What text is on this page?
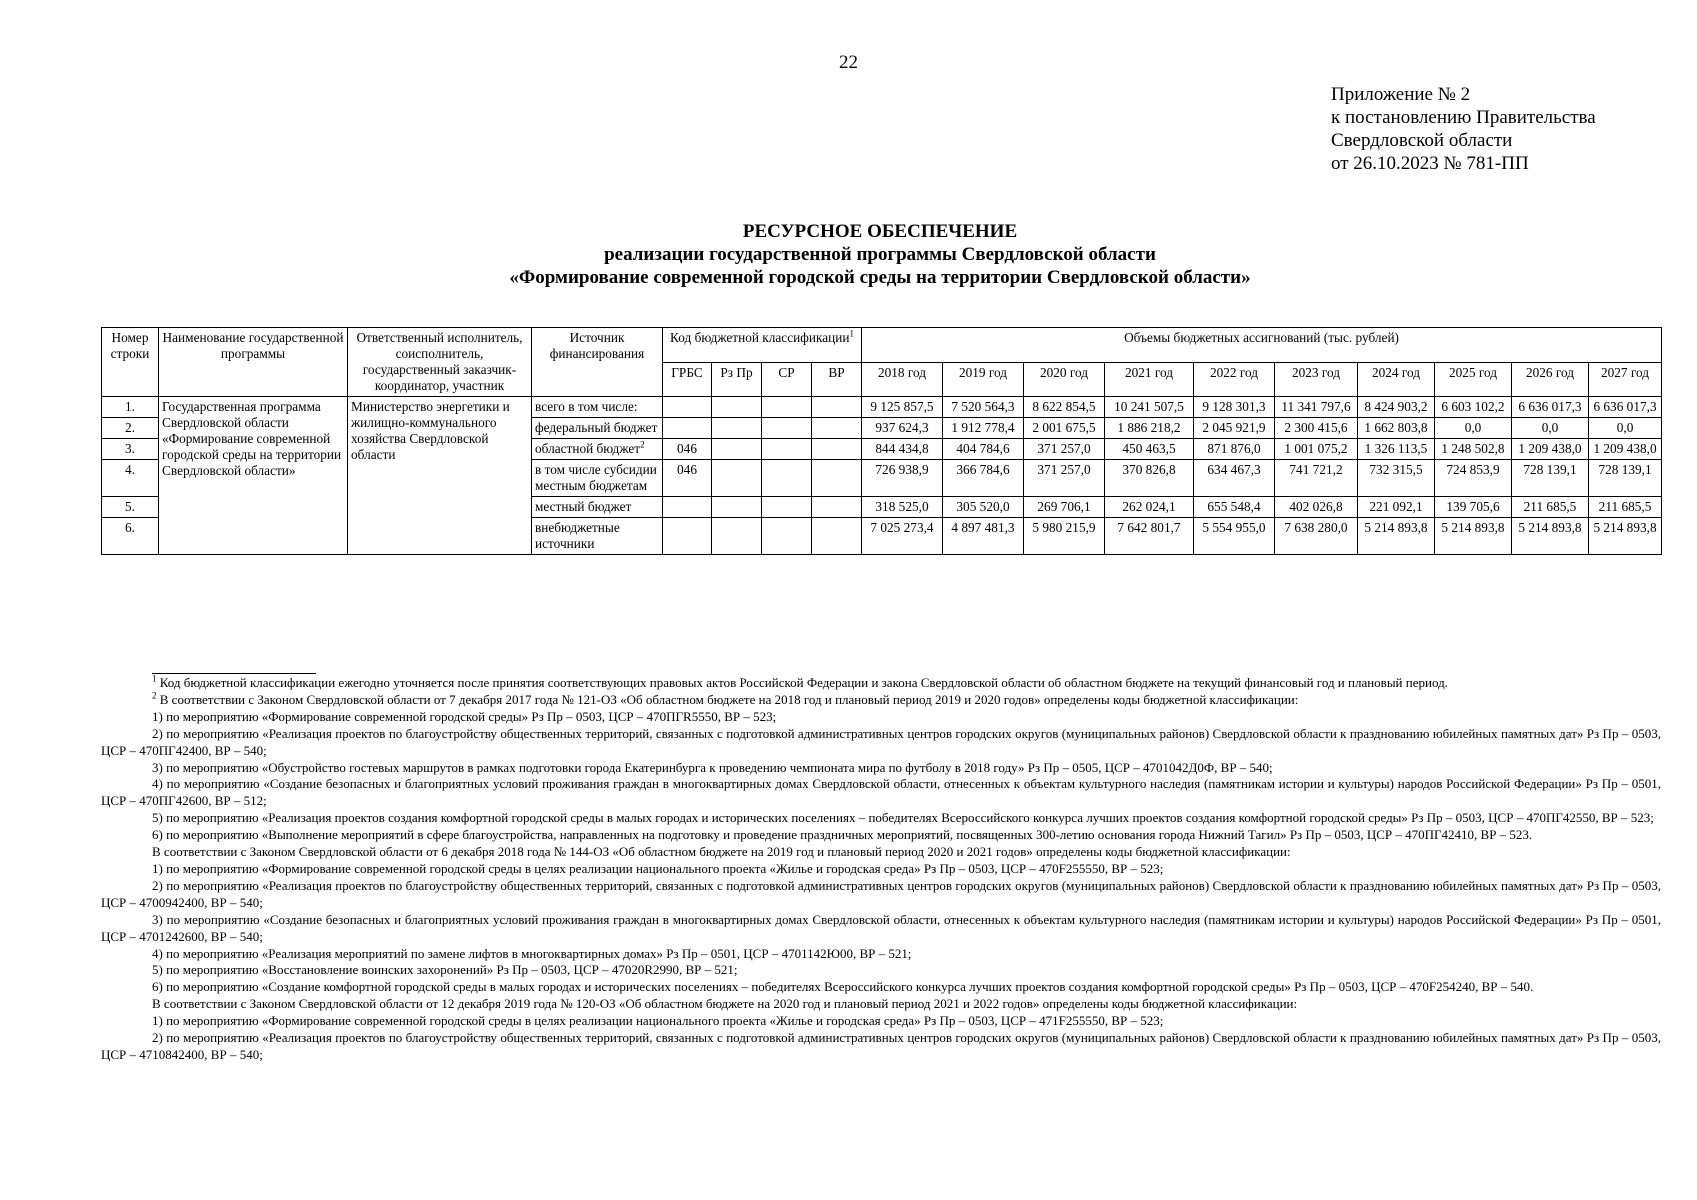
22
Приложение № 2
к постановлению Правительства
Свердловской области
от 26.10.2023 № 781-ПП
РЕСУРСНОЕ ОБЕСПЕЧЕНИЕ
реализации государственной программы Свердловской области
«Формирование современной городской среды на территории Свердловской области»
Номер строки	Наименование государственной программы	Ответственный исполнитель, соисполнитель, государственный заказчик-координатор, участник	Источник финансирования	Код бюджетной классификации$^1$				Объемы бюджетных ассигнований (тыс. рублей)									
				ГРБС	Рз Пр	СР	ВР	2018 год	2019 год	2020 год	2021 год	2022 год	2023 год	2024 год	2025 год	2026 год	2027 год
1.	Государственная программа Свердловской области «Формирование современной городской среды на территории Свердловской области»	Министерство энергетики и жилищно-коммунального хозяйства Свердловской области	всего в том числе:					9 125 857,5	7 520 564,3	8 622 854,5	10 241 507,5	9 128 301,3	11 341 797,6	8 424 903,2	6 603 102,2	6 636 017,3	6 636 017,3
2.			федеральный бюджет					937 624,3	1 912 778,4	2 001 675,5	1 886 218,2	2 045 921,9	2 300 415,6	1 662 803,8	0,0	0,0	0,0
3.			областной бюджет$^2$	046				844 434,8	404 784,6	371 257,0	450 463,5	871 876,0	1 001 075,2	1 326 113,5	1 248 502,8	1 209 438,0	1 209 438,0
4.			в том числе субсидии местным бюджетам	046				726 938,9	366 784,6	371 257,0	370 826,8	634 467,3	741 721,2	732 315,5	724 853,9	728 139,1	728 139,1
5.			местный бюджет					318 525,0	305 520,0	269 706,1	262 024,1	655 548,4	402 026,8	221 092,1	139 705,6	211 685,5	211 685,5
6.			внебюджетные источники					7 025 273,4	4 897 481,3	5 980 215,9	7 642 801,7	5 554 955,0	7 638 280,0	5 214 893,8	5 214 893,8	5 214 893,8	5 214 893,8

$^1$ Код бюджетной классификации ежегодно уточняется после принятия соответствующих правовых актов Российской Федерации и закона Свердловской области об областном бюджете на текущий финансовый год и плановый период.

$^2$ В соответствии с Законом Свердловской области от 7 декабря 2017 года № 121-ОЗ «Об областном бюджете на 2018 год и плановый период 2019 и 2020 годов» определены коды бюджетной классификации:

1) по мероприятию «Формирование современной городской среды» Рз Пр – 0503, ЦСР – 470ПГR5550, ВР – 523;

2) по мероприятию «Реализация проектов по благоустройству общественных территорий, связанных с подготовкой административных центров городских округов (муниципальных районов) Свердловской области к празднованию юбилейных памятных дат» Рз Пр – 0503, ЦСР – 470ПГ42400, ВР – 540;

3) по мероприятию «Обустройство гостевых маршрутов в рамках подготовки города Екатеринбурга к проведению чемпионата мира по футболу в 2018 году» Рз Пр – 0505, ЦСР – 4701042Д0Ф, ВР – 540;

4) по мероприятию «Создание безопасных и благоприятных условий проживания граждан в многоквартирных домах Свердловской области, отнесенных к объектам культурного наследия (памятникам истории и культуры) народов Российской Федерации» Рз Пр – 0501, ЦСР – 470ПГ42600, ВР – 512;

5) по мероприятию «Реализация проектов создания комфортной городской среды в малых городах и исторических поселениях – победителях Всероссийского конкурса лучших проектов создания комфортной городской среды» Рз Пр – 0503, ЦСР – 470ПГ42550, ВР – 523;

6) по мероприятию «Выполнение мероприятий в сфере благоустройства, направленных на подготовку и проведение праздничных мероприятий, посвященных 300-летию основания города Нижний Тагил» Рз Пр – 0503, ЦСР – 470ПГ42410, ВР – 523.

В соответствии с Законом Свердловской области от 6 декабря 2018 года № 144-ОЗ «Об областном бюджете на 2019 год и плановый период 2020 и 2021 годов» определены коды бюджетной классификации:

1) по мероприятию «Формирование современной городской среды в целях реализации национального проекта «Жилье и городская среда» Рз Пр – 0503, ЦСР – 470F255550, ВР – 523;

2) по мероприятию «Реализация проектов по благоустройству общественных территорий, связанных с подготовкой административных центров городских округов (муниципальных районов) Свердловской области к празднованию юбилейных памятных дат» Рз Пр – 0503, ЦСР – 4700942400, ВР – 540;

3) по мероприятию «Создание безопасных и благоприятных условий проживания граждан в многоквартирных домах Свердловской области, отнесенных к объектам культурного наследия (памятникам истории и культуры) народов Российской Федерации» Рз Пр – 0501, ЦСР – 4701242600, ВР – 540;

4) по мероприятию «Реализация мероприятий по замене лифтов в многоквартирных домах» Рз Пр – 0501, ЦСР – 4701142Ю00, ВР – 521;

5) по мероприятию «Восстановление воинских захоронений» Рз Пр – 0503, ЦСР – 47020R2990, ВР – 521;

6) по мероприятию «Создание комфортной городской среды в малых городах и исторических поселениях – победителях Всероссийского конкурса лучших проектов создания комфортной городской среды» Рз Пр – 0503, ЦСР – 470F254240, ВР – 540.

В соответствии с Законом Свердловской области от 12 декабря 2019 года № 120-ОЗ «Об областном бюджете на 2020 год и плановый период 2021 и 2022 годов» определены коды бюджетной классификации:

1) по мероприятию «Формирование современной городской среды в целях реализации национального проекта «Жилье и городская среда» Рз Пр – 0503, ЦСР – 471F255550, ВР – 523;

2) по мероприятию «Реализация проектов по благоустройству общественных территорий, связанных с подготовкой административных центров городских округов (муниципальных районов) Свердловской области к празднованию юбилейных памятных дат» Рз Пр – 0503, ЦСР – 4710842400, ВР – 540;
